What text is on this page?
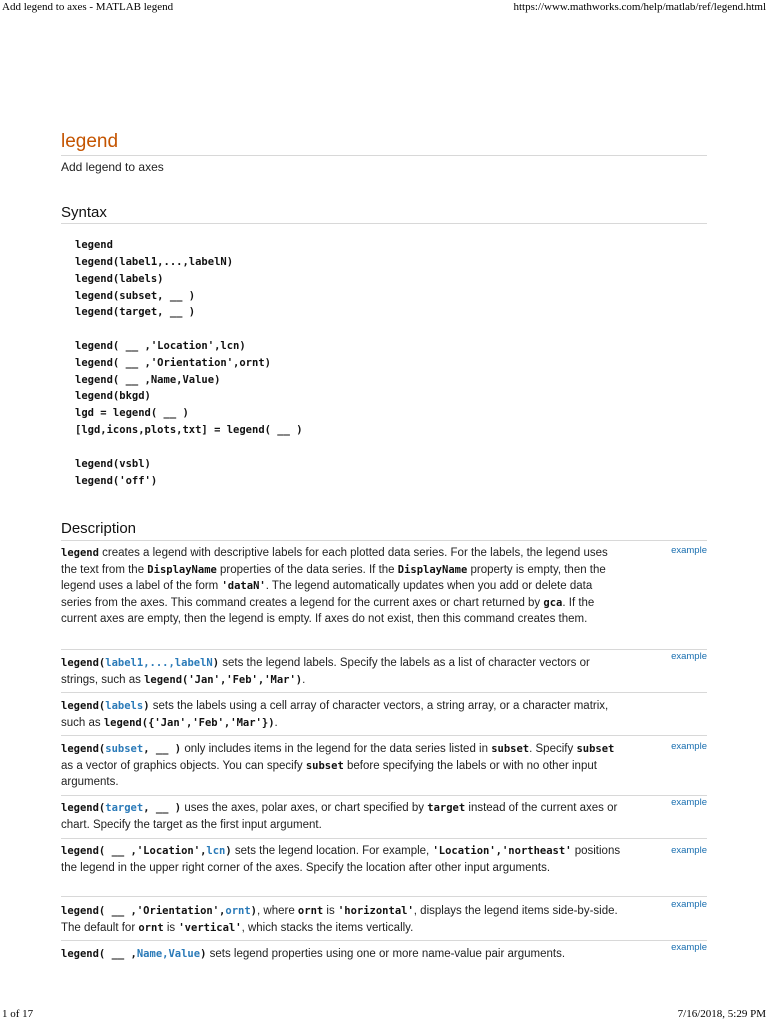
Add legend to axes - MATLAB legend	https://www.mathworks.com/help/matlab/ref/legend.html
legend
Add legend to axes
Syntax
legend
legend(label1,...,labelN)
legend(labels)
legend(subset, __ )
legend(target, __ )
legend( __ ,'Location',lcn)
legend( __ ,'Orientation',ornt)
legend( __ ,Name,Value)
legend(bkgd)
lgd = legend( __ )
[lgd,icons,plots,txt] = legend( __ )
legend(vsbl)
legend('off')
Description
legend creates a legend with descriptive labels for each plotted data series. For the labels, the legend uses the text from the DisplayName properties of the data series. If the DisplayName property is empty, then the legend uses a label of the form 'dataN'. The legend automatically updates when you add or delete data series from the axes. This command creates a legend for the current axes or chart returned by gca. If the current axes are empty, then the legend is empty. If axes do not exist, then this command creates them.
example
legend(label1,...,labelN) sets the legend labels. Specify the labels as a list of character vectors or strings, such as legend('Jan','Feb','Mar').
example
legend(labels) sets the labels using a cell array of character vectors, a string array, or a character matrix, such as legend({'Jan','Feb','Mar'}).
legend(subset, __ ) only includes items in the legend for the data series listed in subset. Specify subset as a vector of graphics objects. You can specify subset before specifying the labels or with no other input arguments.
example
legend(target, __ ) uses the axes, polar axes, or chart specified by target instead of the current axes or chart. Specify the target as the first input argument.
example
legend( __ ,'Location',lcn) sets the legend location. For example, 'Location','northeast' positions the legend in the upper right corner of the axes. Specify the location after other input arguments.
example
legend( __ ,'Orientation',ornt), where ornt is 'horizontal', displays the legend items side-by-side. The default for ornt is 'vertical', which stacks the items vertically.
example
legend( __ ,Name,Value) sets legend properties using one or more name-value pair arguments.
example
1 of 17	7/16/2018, 5:29 PM
